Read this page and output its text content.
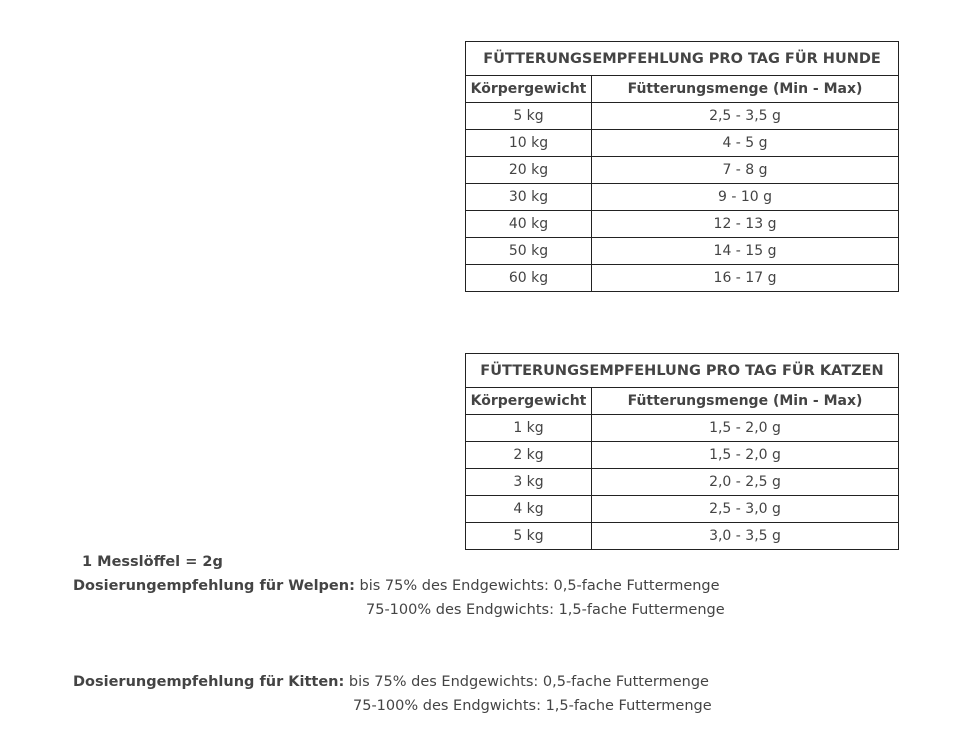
FÜTTERUNGSEMPFEHLUNG PRO TAG FÜR HUNDE	
Körpergewicht	Fütterungsmenge (Min - Max)
5 kg	2,5 - 3,5 g
10 kg	4 - 5 g
20 kg	7 - 8 g
30 kg	9 - 10 g
40 kg	12 - 13 g
50 kg	14 - 15 g
60 kg	16 - 17 g
FÜTTERUNGSEMPFEHLUNG PRO TAG FÜR KATZEN	
Körpergewicht	Fütterungsmenge (Min - Max)
1 kg	1,5 - 2,0 g
2 kg	1,5 - 2,0 g
3 kg	2,0 - 2,5 g
4 kg	2,5 - 3,0 g
5 kg	3,0 - 3,5 g
1 Messlöffel = 2g
Dosierungempfehlung für Welpen: bis 75% des Endgewichts: 0,5-fache Futtermenge
75-100% des Endgwichts: 1,5-fache Futtermenge
Dosierungempfehlung für Kitten: bis 75% des Endgewichts: 0,5-fache Futtermenge
75-100% des Endgwichts: 1,5-fache Futtermenge
